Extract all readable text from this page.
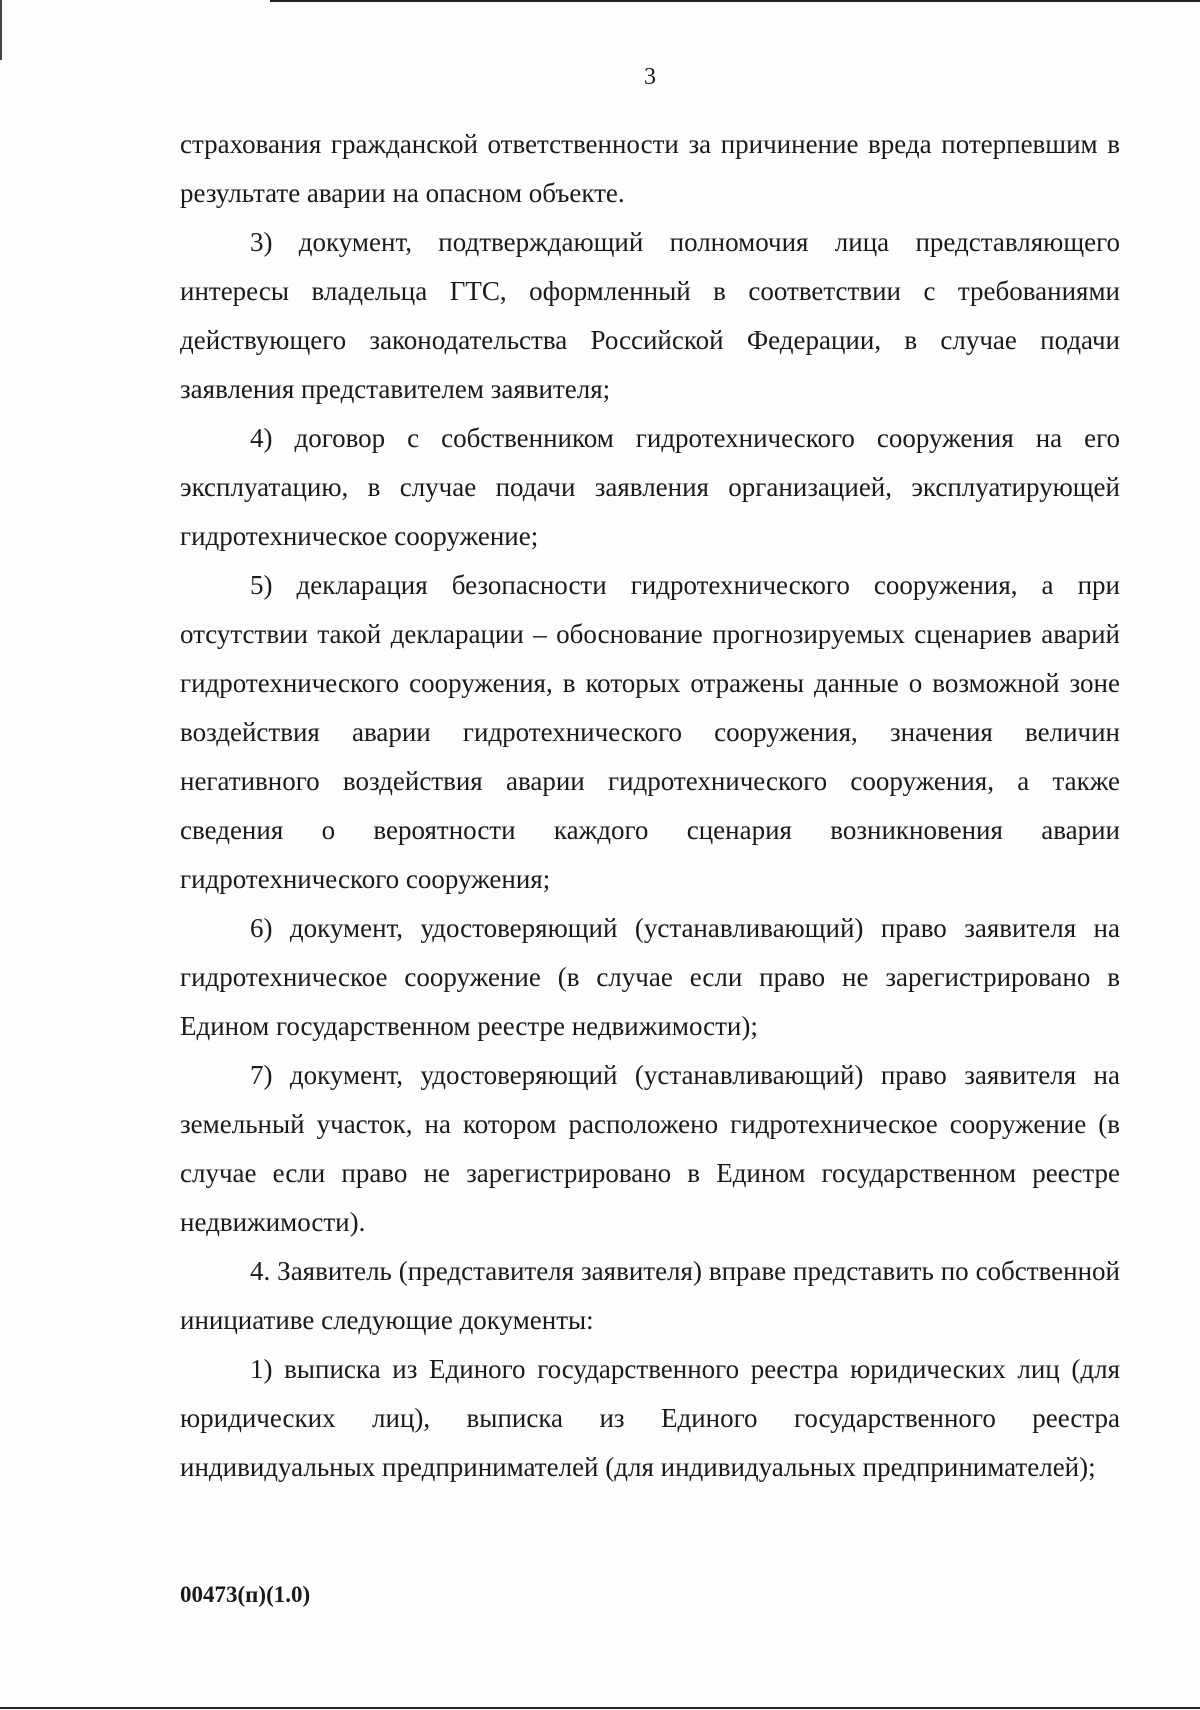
3

страхования гражданской ответственности за причинение вреда потерпевшим в результате аварии на опасном объекте.

3) документ, подтверждающий полномочия лица представляющего интересы владельца ГТС, оформленный в соответствии с требованиями действующего законодательства Российской Федерации, в случае подачи заявления представителем заявителя;

4) договор с собственником гидротехнического сооружения на его эксплуатацию, в случае подачи заявления организацией, эксплуатирующей гидротехническое сооружение;

5) декларация безопасности гидротехнического сооружения, а при отсутствии такой декларации – обоснование прогнозируемых сценариев аварий гидротехнического сооружения, в которых отражены данные о возможной зоне воздействия аварии гидротехнического сооружения, значения величин негативного воздействия аварии гидротехнического сооружения, а также сведения о вероятности каждого сценария возникновения аварии гидротехнического сооружения;

6) документ, удостоверяющий (устанавливающий) право заявителя на гидротехническое сооружение (в случае если право не зарегистрировано в Едином государственном реестре недвижимости);

7) документ, удостоверяющий (устанавливающий) право заявителя на земельный участок, на котором расположено гидротехническое сооружение (в случае если право не зарегистрировано в Едином государственном реестре недвижимости).

4. Заявитель (представителя заявителя) вправе представить по собственной инициативе следующие документы:

1) выписка из Единого государственного реестра юридических лиц (для юридических лиц), выписка из Единого государственного реестра индивидуальных предпринимателей (для индивидуальных предпринимателей);

00473(п)(1.0)
